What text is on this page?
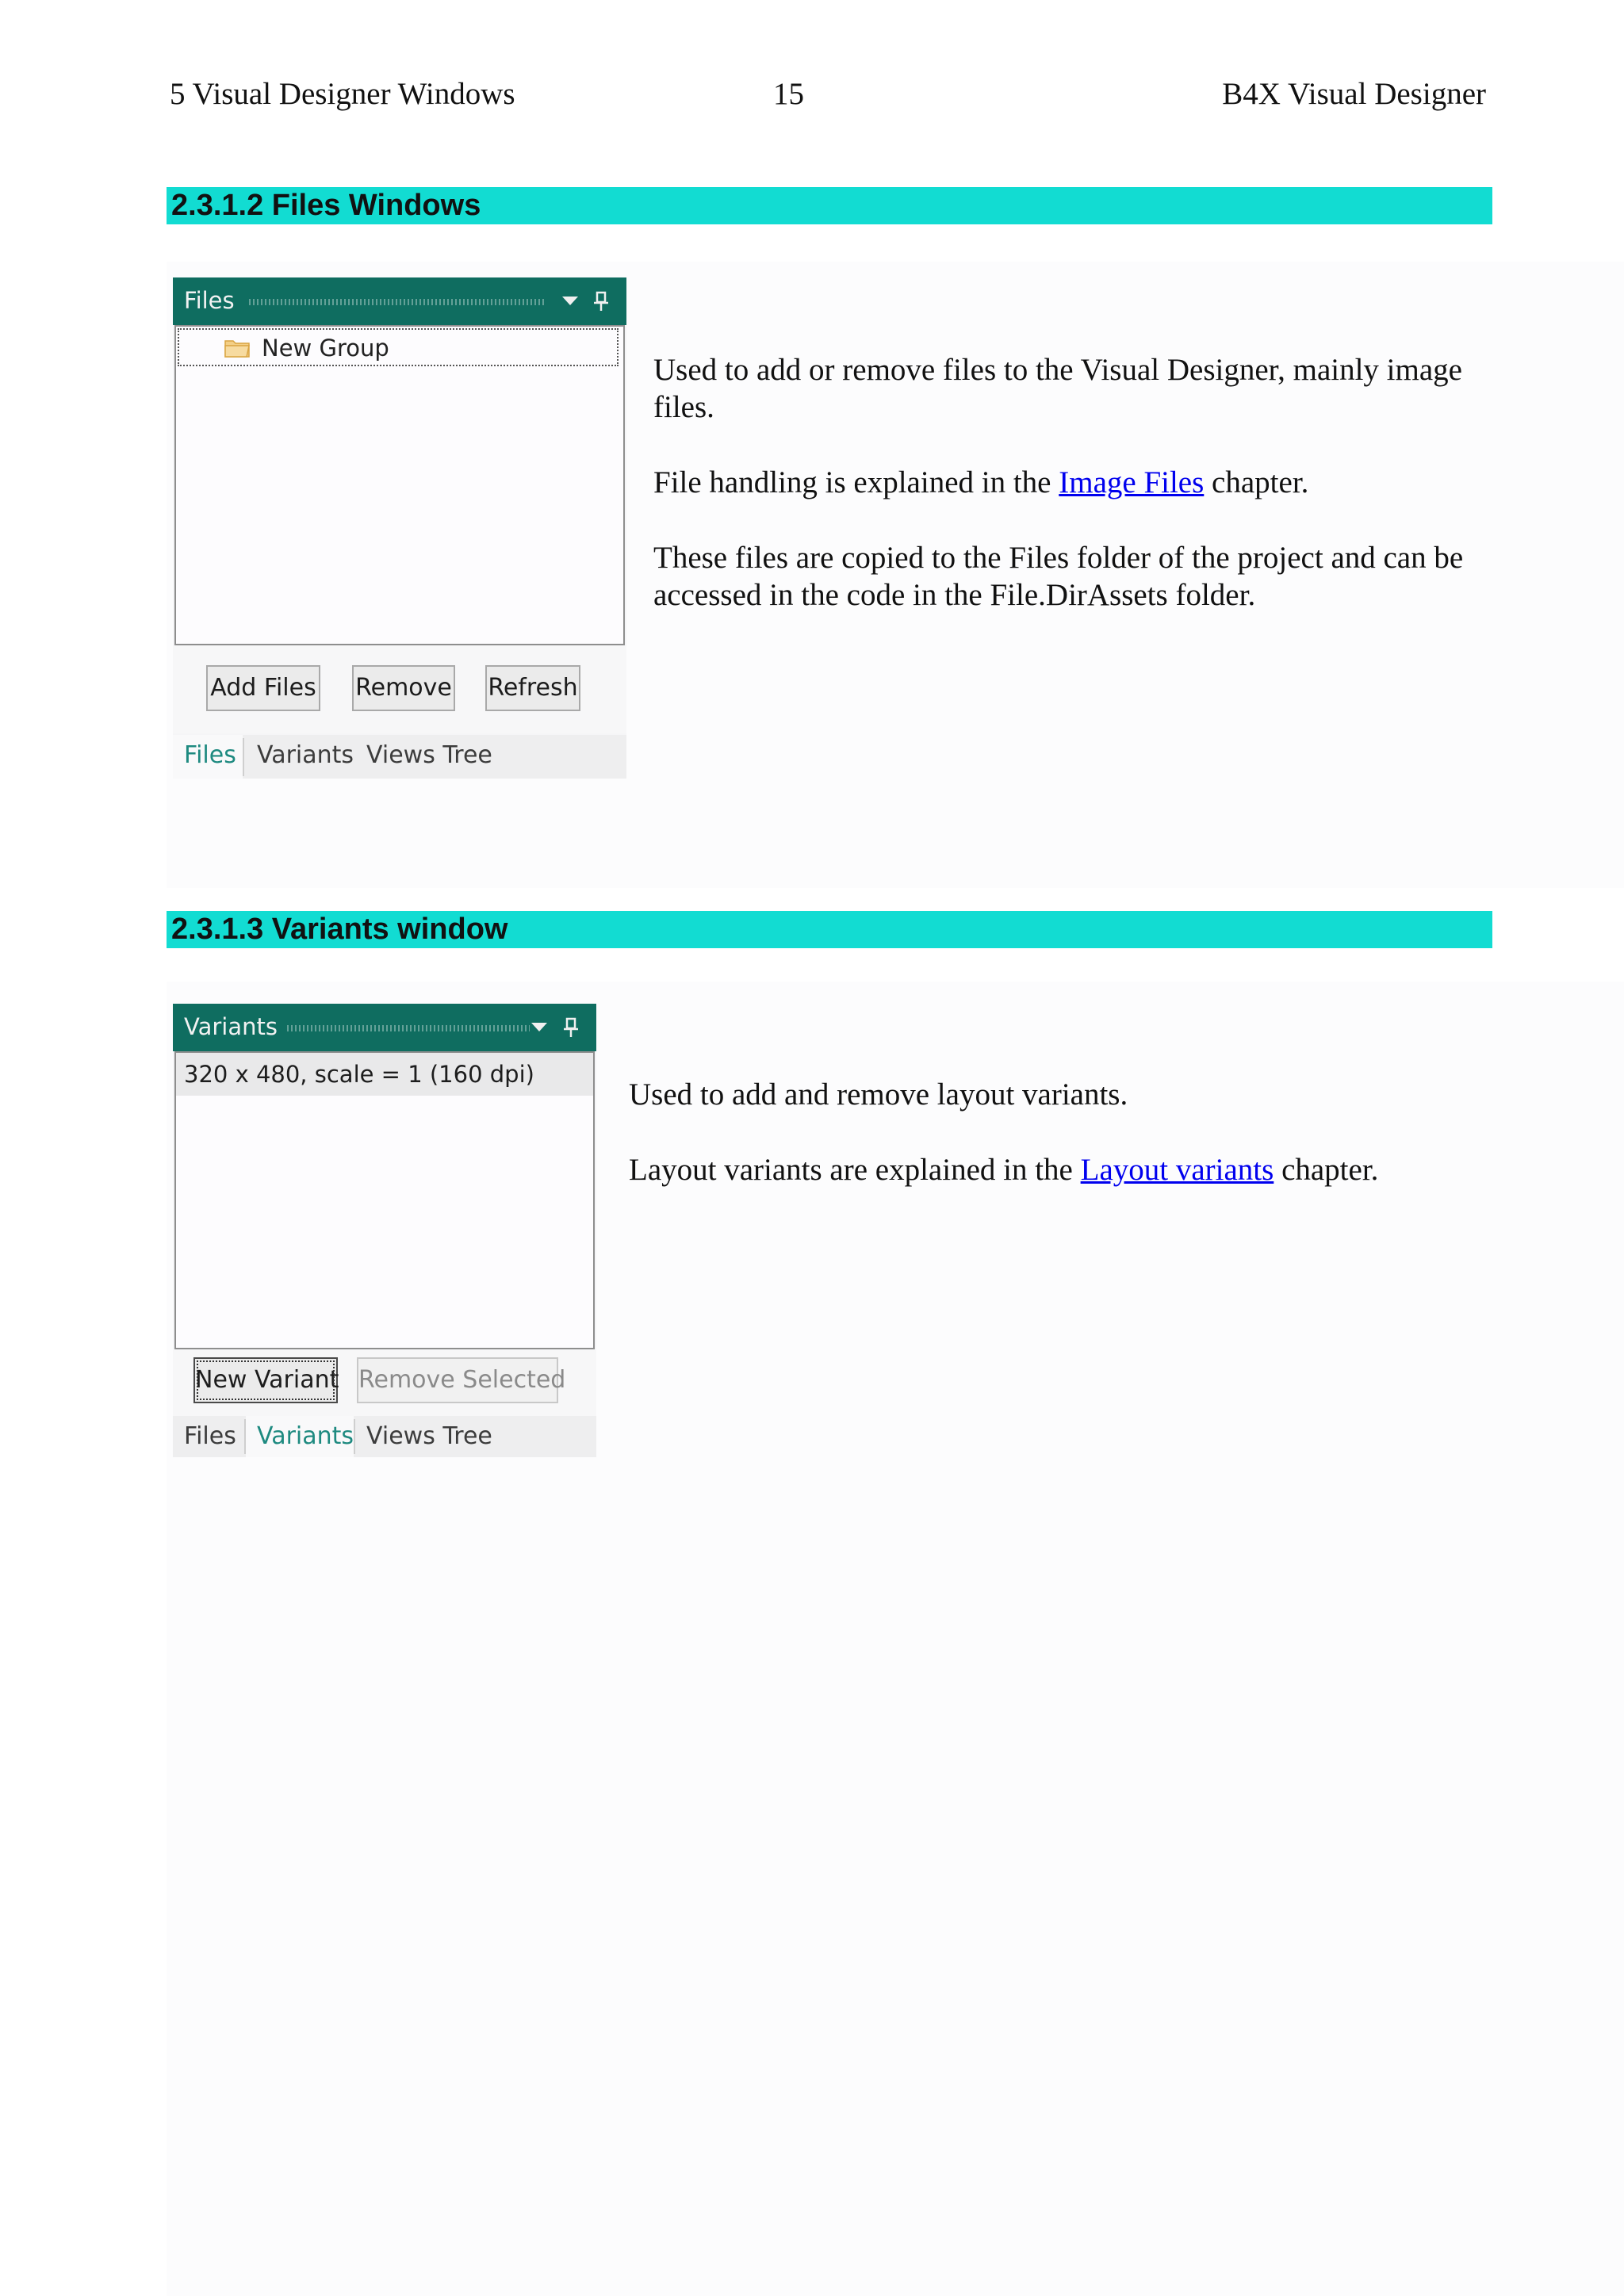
5 Visual Designer Windows	15	B4X Visual Designer
2.3.1.2 Files Windows
Files
New Group
Add Files Remove Refresh
Files Variants Views Tree

Used to add or remove files to the Visual Designer, mainly image files.

File handling is explained in the Image Files chapter.

These files are copied to the Files folder of the project and can be accessed in the code in the File.DirAssets folder.

2.3.1.3 Variants window
Variants
320 x 480, scale = 1 (160 dpi)
New Variant Remove Selected
Files Variants Views Tree

Used to add and remove layout variants.

Layout variants are explained in the Layout variants chapter.
